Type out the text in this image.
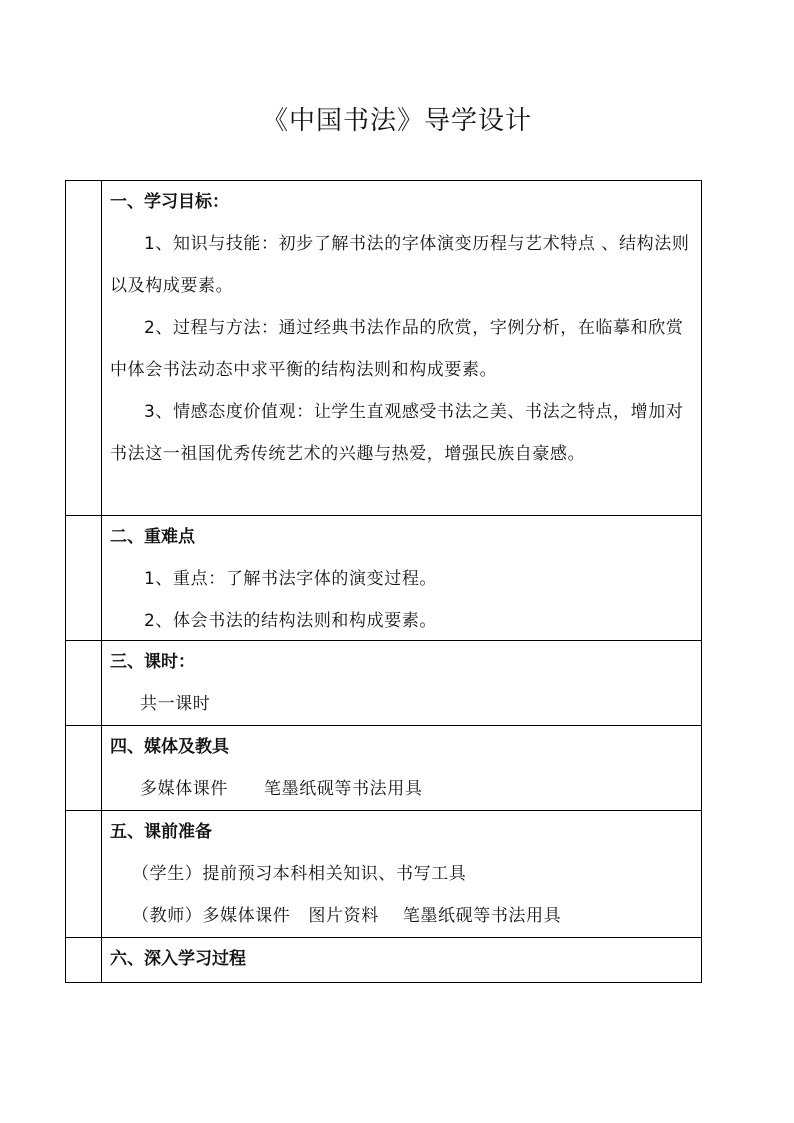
《中国书法》导学设计

一、学习目标：

1、知识与技能：初步了解书法的字体演变历程与艺术特点 、结构法则以及构成要素。

2、过程与方法：通过经典书法作品的欣赏，字例分析，在临摹和欣赏中体会书法动态中求平衡的结构法则和构成要素。

3、情感态度价值观：让学生直观感受书法之美、书法之特点，增加对书法这一祖国优秀传统艺术的兴趣与热爱，增强民族自豪感。

二、重难点

1、重点：了解书法字体的演变过程。

2、体会书法的结构法则和构成要素。

三、课时：

共一课时

四、媒体及教具

多媒体课件      笔墨纸砚等书法用具

五、课前准备

（学生）提前预习本科相关知识、书写工具

（教师）多媒体课件   图片资料    笔墨纸砚等书法用具

六、深入学习过程
